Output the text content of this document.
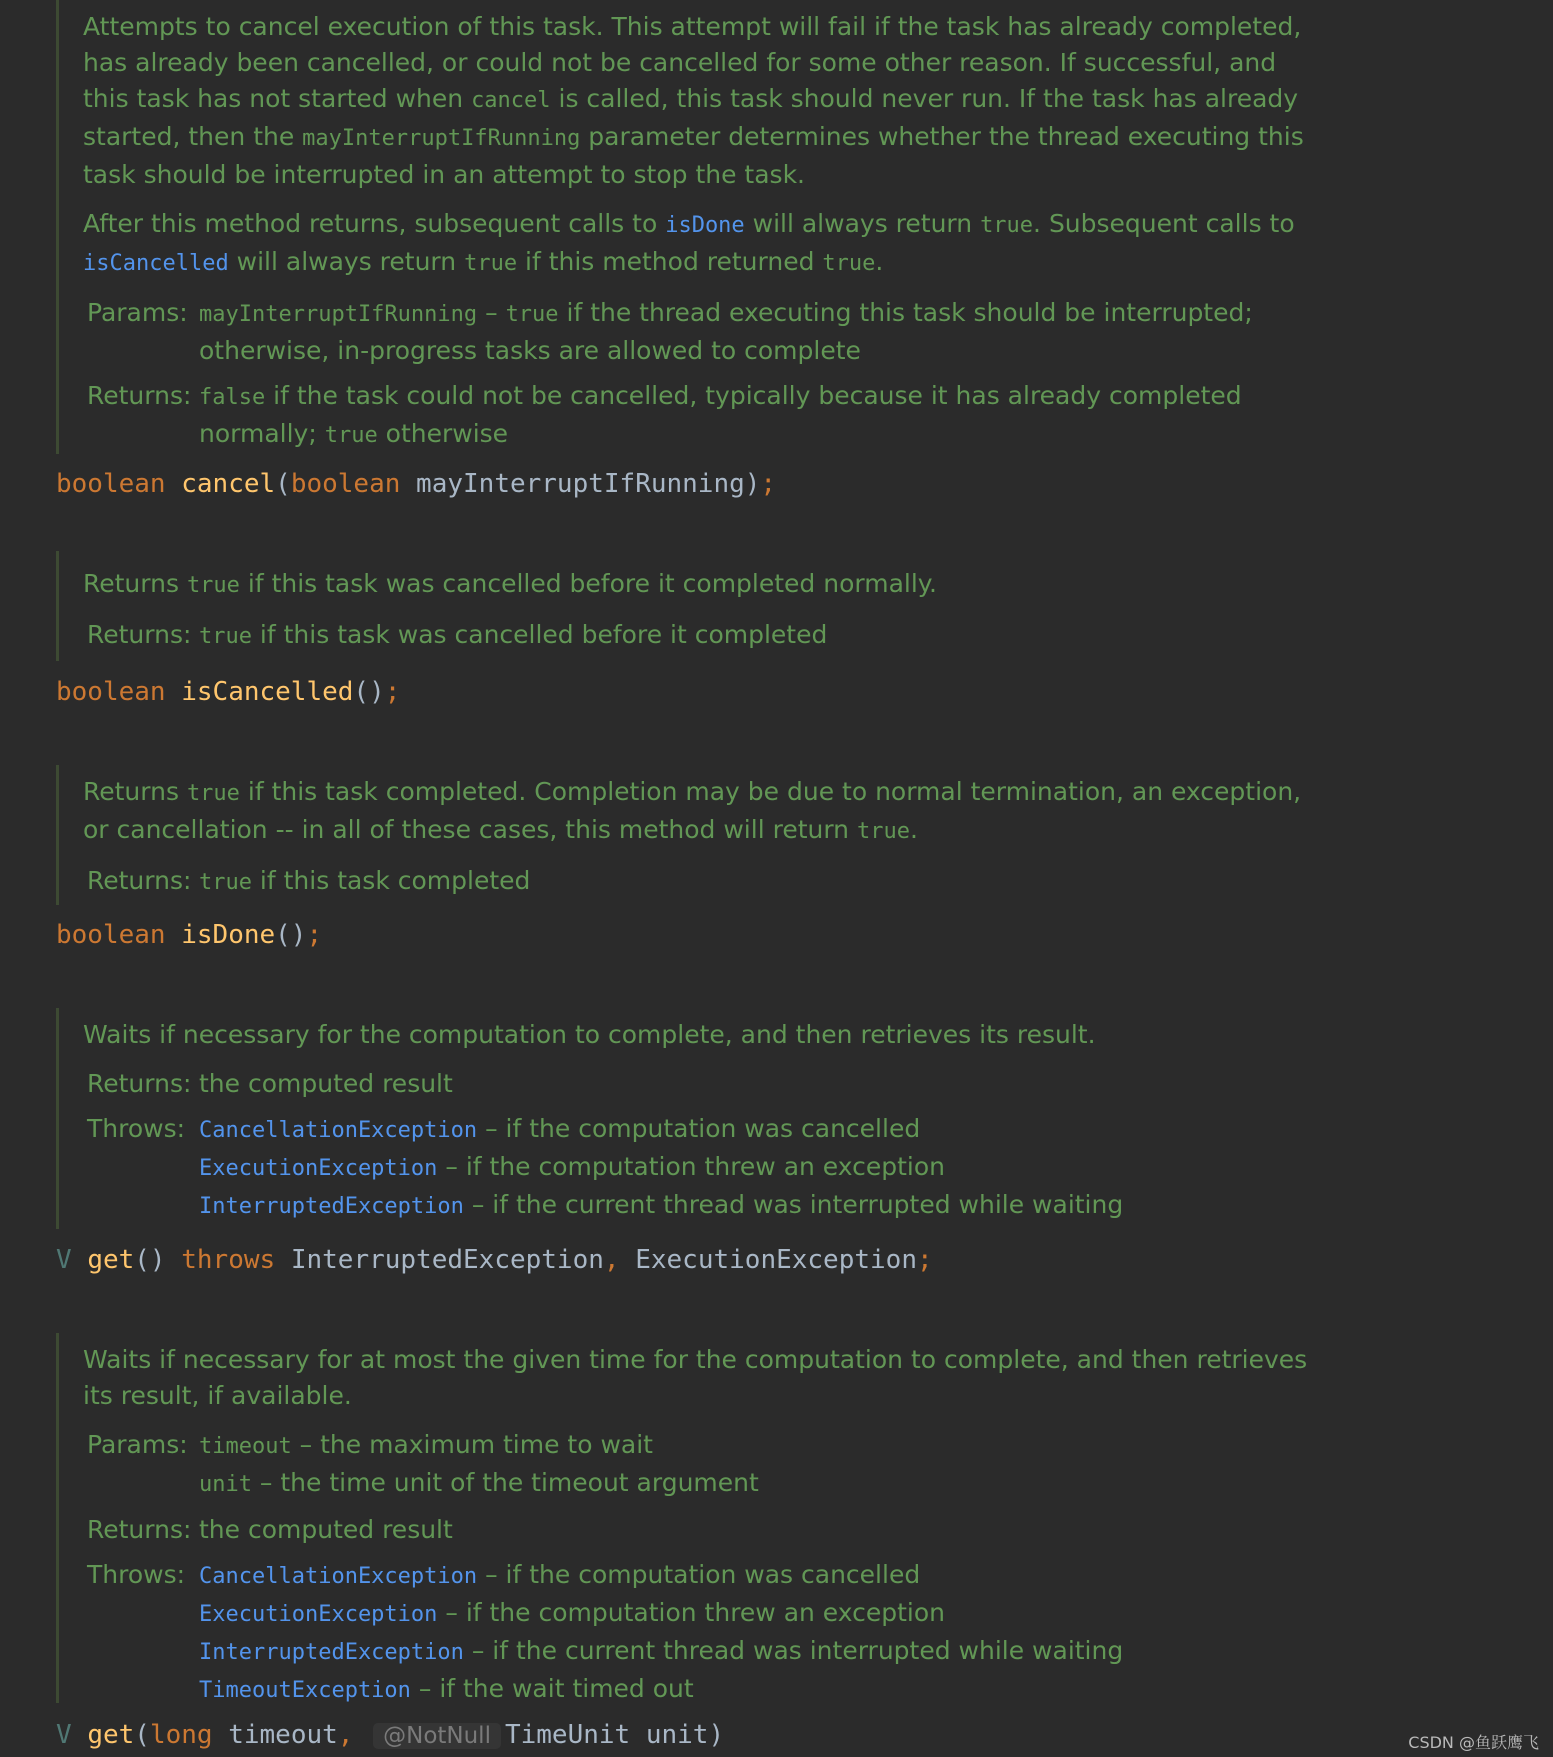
Attempts to cancel execution of this task. This attempt will fail if the task has already completed, has already been cancelled, or could not be cancelled for some other reason. If successful, and this task has not started when cancel is called, this task should never run. If the task has already started, then the mayInterruptIfRunning parameter determines whether the thread executing this task should be interrupted in an attempt to stop the task.

After this method returns, subsequent calls to isDone will always return true. Subsequent calls to isCancelled will always return true if this method returned true.

Params: mayInterruptIfRunning – true if the thread executing this task should be interrupted; otherwise, in-progress tasks are allowed to complete
Returns: false if the task could not be cancelled, typically because it has already completed normally; true otherwise
boolean cancel(boolean mayInterruptIfRunning);

Returns true if this task was cancelled before it completed normally.

Returns: true if this task was cancelled before it completed
boolean isCancelled();

Returns true if this task completed. Completion may be due to normal termination, an exception, or cancellation -- in all of these cases, this method will return true.

Returns: true if this task completed
boolean isDone();

Waits if necessary for the computation to complete, and then retrieves its result.

Returns: the computed result
Throws: CancellationException – if the computation was cancelled
ExecutionException – if the computation threw an exception
InterruptedException – if the current thread was interrupted while waiting
V get() throws InterruptedException, ExecutionException;

Waits if necessary for at most the given time for the computation to complete, and then retrieves its result, if available.

Params: timeout – the maximum time to wait
unit – the time unit of the timeout argument
Returns: the computed result
Throws: CancellationException – if the computation was cancelled
ExecutionException – if the computation threw an exception
InterruptedException – if the current thread was interrupted while waiting
TimeoutException – if the wait timed out
V get(long timeout, @NotNull TimeUnit unit)	CSDN @鱼跃鹰飞
